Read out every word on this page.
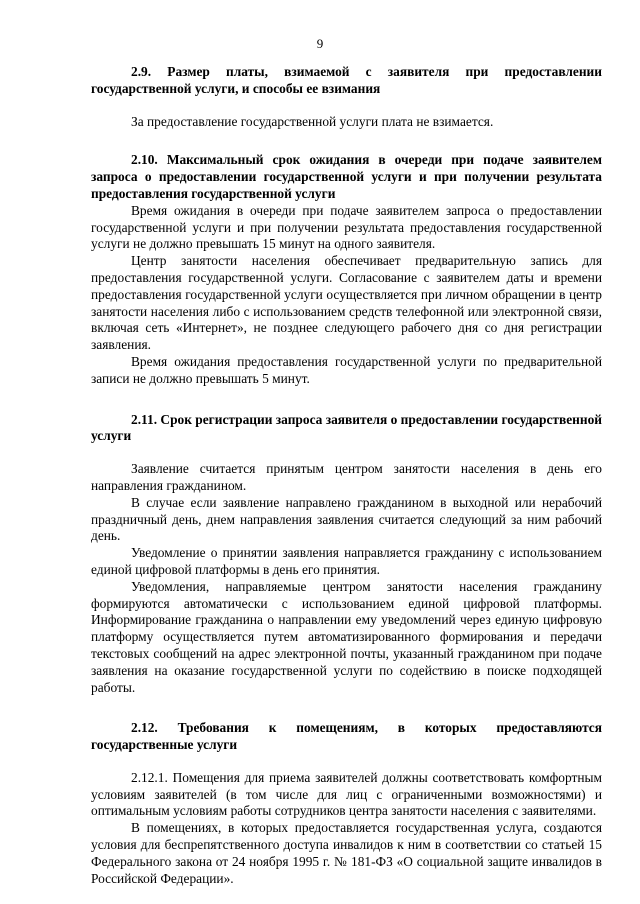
9

2.9. Размер платы, взимаемой с заявителя при предоставлении государственной услуги, и способы ее взимания

За предоставление государственной услуги плата не взимается.

2.10. Максимальный срок ожидания в очереди при подаче заявителем запроса о предоставлении государственной услуги и при получении результата предоставления государственной услуги

Время ожидания в очереди при подаче заявителем запроса о предоставлении государственной услуги и при получении результата предоставления государственной услуги не должно превышать 15 минут на одного заявителя.

Центр занятости населения обеспечивает предварительную запись для предоставления государственной услуги. Согласование с заявителем даты и времени предоставления государственной услуги осуществляется при личном обращении в центр занятости населения либо с использованием средств телефонной или электронной связи, включая сеть «Интернет», не позднее следующего рабочего дня со дня регистрации заявления.

Время ожидания предоставления государственной услуги по предварительной записи не должно превышать 5 минут.

2.11. Срок регистрации запроса заявителя о предоставлении государственной услуги

Заявление считается принятым центром занятости населения в день его направления гражданином.

В случае если заявление направлено гражданином в выходной или нерабочий праздничный день, днем направления заявления считается следующий за ним рабочий день.

Уведомление о принятии заявления направляется гражданину с использованием единой цифровой платформы в день его принятия.

Уведомления, направляемые центром занятости населения гражданину формируются автоматически с использованием единой цифровой платформы. Информирование гражданина о направлении ему уведомлений через единую цифровую платформу осуществляется путем автоматизированного формирования и передачи текстовых сообщений на адрес электронной почты, указанный гражданином при подаче заявления на оказание государственной услуги по содействию в поиске подходящей работы.

2.12. Требования к помещениям, в которых предоставляются государственные услуги

2.12.1. Помещения для приема заявителей должны соответствовать комфортным условиям заявителей (в том числе для лиц с ограниченными возможностями) и оптимальным условиям работы сотрудников центра занятости населения с заявителями.

В помещениях, в которых предоставляется государственная услуга, создаются условия для беспрепятственного доступа инвалидов к ним в соответствии со статьей 15 Федерального закона от 24 ноября 1995 г. № 181-ФЗ «О социальной защите инвалидов в Российской Федерации».
